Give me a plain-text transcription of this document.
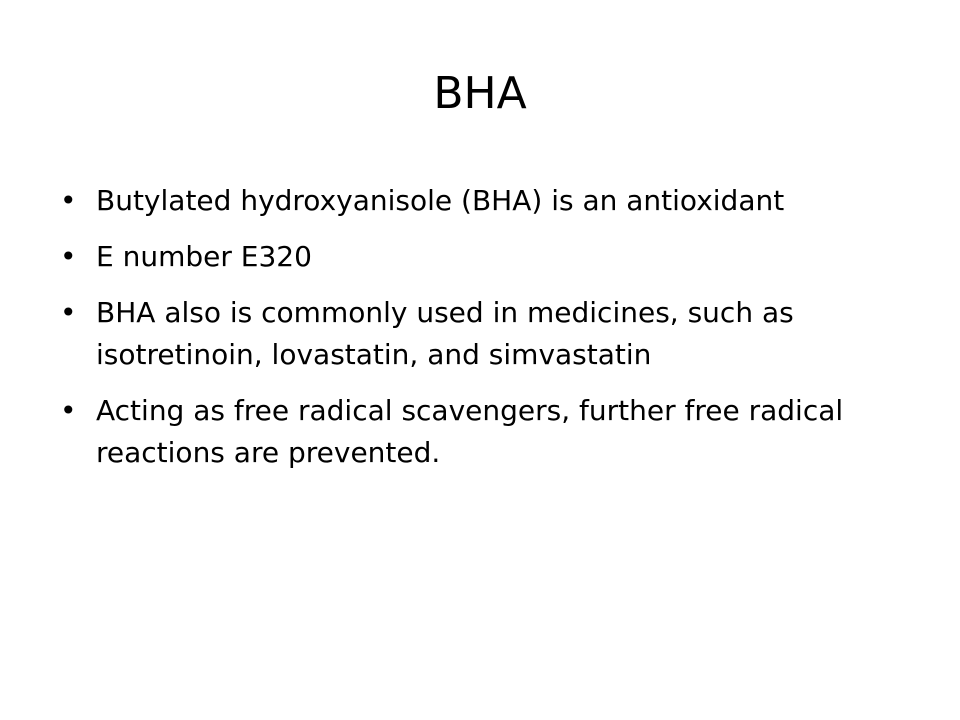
BHA
• Butylated hydroxyanisole (BHA) is an antioxidant
• E number E320
• BHA also is commonly used in medicines, such as isotretinoin, lovastatin, and simvastatin
• Acting as free radical scavengers, further free radical reactions are prevented.
